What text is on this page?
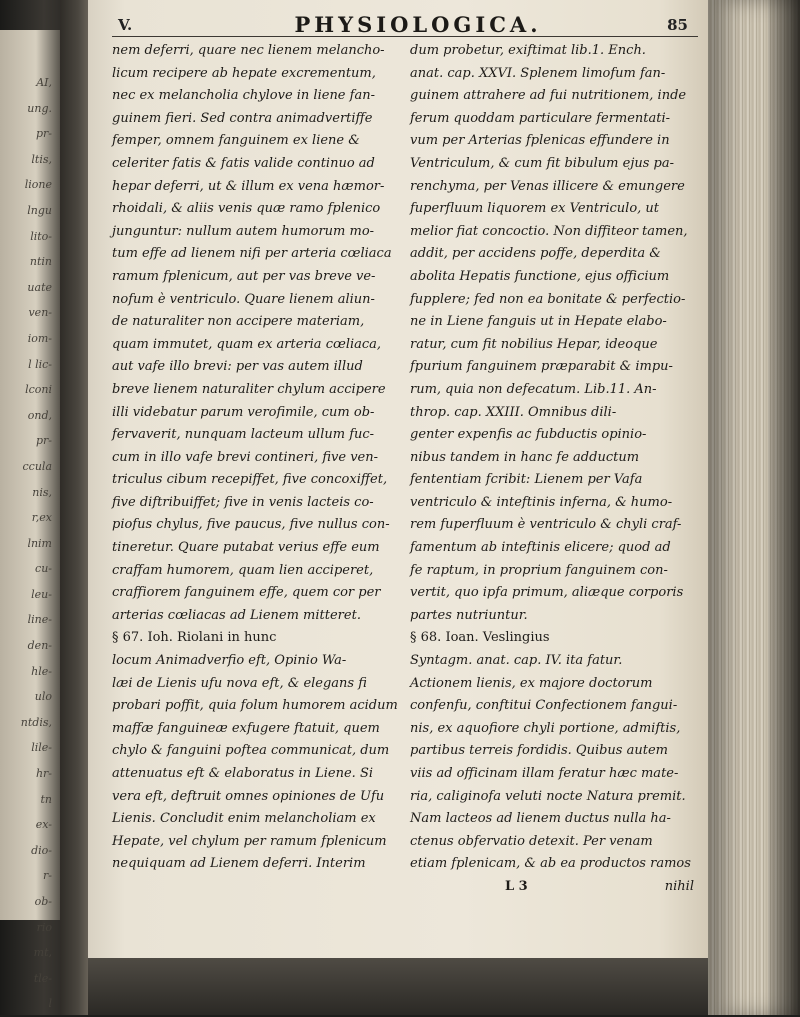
AI,
ung.
pr-
ltis,
lione
lngu
lito-
ntin
uate
ven-
iom-
l lic-
lconi
ond,
pr-
ccula
nis,
r,ex
lnim
cu-
leu-
line-
den-
hle-
ulo
ntdis,
lile-
hr-
tn
ex-
dio-
r-
ob-
rio
mt,
tle-
l
V.	PHYSIOLOGICA.	85
nem deferri, quare nec lienem melancho-
licum recipere ab hepate excrementum,
nec ex melancholia chylove in liene fan-
guinem fieri. Sed contra animadvertiffe
femper, omnem fanguinem ex liene &
celeriter fatis & fatis valide continuo ad
hepar deferri, ut & illum ex vena hæmor-
rhoidali, & aliis venis quæ ramo fplenico
junguntur: nullum autem humorum mo-
tum effe ad lienem nifi per arteria cœliaca
ramum fplenicum, aut per vas breve ve-
nofum è ventriculo. Quare lienem aliun-
de naturaliter non accipere materiam,
quam immutet, quam ex arteria cœliaca,
aut vafe illo brevi: per vas autem illud
breve lienem naturaliter chylum accipere
illi videbatur parum verofimile, cum ob-
fervaverit, nunquam lacteum ullum fuc-
cum in illo vafe brevi contineri, five ven-
triculus cibum recepiffet, five concoxiffet,
five diftribuiffet; five in venis lacteis co-
piofus chylus, five paucus, five nullus con-
tineretur. Quare putabat verius effe eum
craffam humorem, quam lien acciperet,
craffiorem fanguinem effe, quem cor per
arterias cœliacas ad Lienem mitteret.
§ 67. Ioh. Riolani in hunc
locum Animadverfio eft, Opinio Wa-
læi de Lienis ufu nova eft, & elegans fi
probari poffit, quia folum humorem acidum
maffæ fanguineæ exfugere ftatuit, quem
chylo & fanguini poftea communicat, dum
attenuatus eft & elaboratus in Liene. Si
vera eft, deftruit omnes opiniones de Ufu
Lienis. Concludit enim melancholiam ex
Hepate, vel chylum per ramum fplenicum
nequiquam ad Lienem deferri. Interim
dum probetur, exiftimat lib.1. Ench.
anat. cap. XXVI. Splenem limofum fan-
guinem attrahere ad fui nutritionem, inde
ferum quoddam particulare fermentati-
vum per Arterias fplenicas effundere in
Ventriculum, & cum fit bibulum ejus pa-
renchyma, per Venas illicere & emungere
fuperfluum liquorem ex Ventriculo, ut
melior fiat concoctio. Non diffiteor tamen,
addit, per accidens poffe, deperdita &
abolita Hepatis functione, ejus officium
fupplere; fed non ea bonitate & perfectio-
ne in Liene fanguis ut in Hepate elabo-
ratur, cum fit nobilius Hepar, ideoque
fpurium fanguinem præparabit & impu-
rum, quia non defecatum. Lib.11. An-
throp. cap. XXIII. Omnibus dili-
genter expenfis ac fubductis opinio-
nibus tandem in hanc fe adductum
fententiam fcribit: Lienem per Vafa
ventriculo & inteftinis infernа, & humo-
rem fuperfluum è ventriculo & chyli craf-
famentum ab inteftinis elicere; quod ad
fe raptum, in proprium fanguinem con-
vertit, quo ipfa primum, aliæque corporis
partes nutriuntur.
§ 68. Ioan. Veslingius
Syntagm. anat. cap. IV. ita fatur.
Actionem lienis, ex majore doctorum
confenfu, conftitui Confectionem fangui-
nis, ex aquofiore chyli portione, admiftis,
partibus terreis fordidis. Quibus autem
viis ad officinam illam feratur hæc mate-
ria, caliginofa veluti nocte Natura premit.
Nam lacteos ad lienem ductus nulla ha-
ctenus obfervatio detexit. Per venam
etiam fplenicam, & ab ea productos ramos
L 3	nihil
